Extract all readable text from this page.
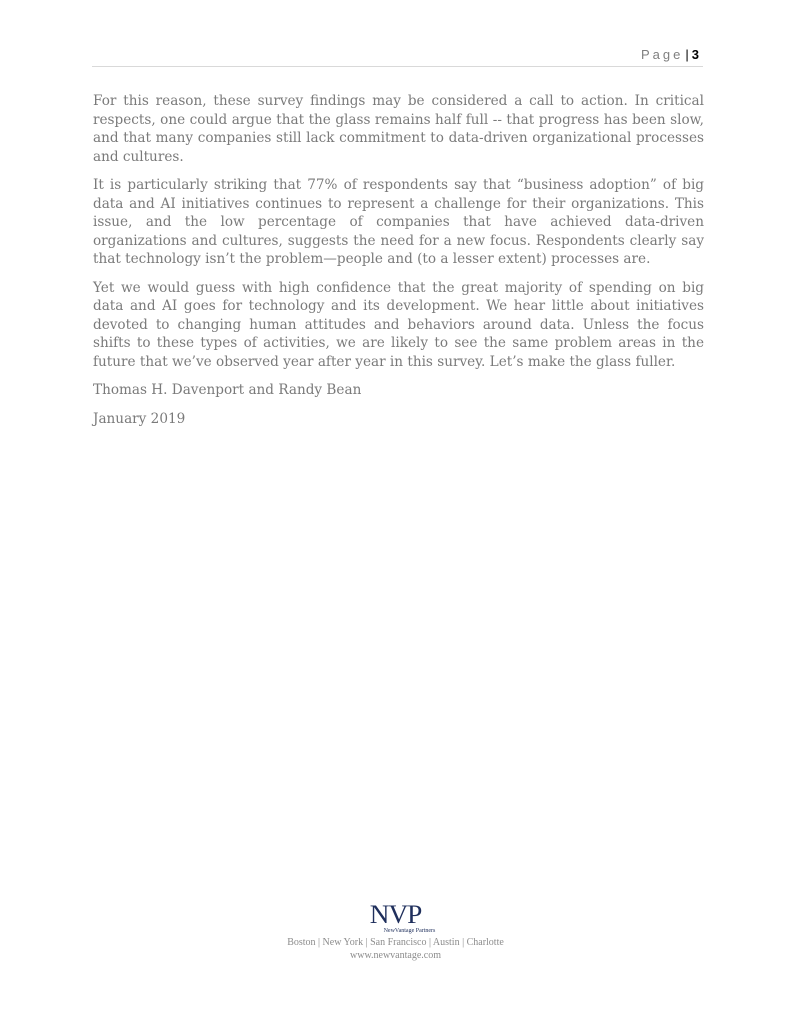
Page | 3

For this reason, these survey findings may be considered a call to action. In critical respects, one could argue that the glass remains half full -- that progress has been slow, and that many companies still lack commitment to data-driven organizational processes and cultures.

It is particularly striking that 77% of respondents say that “business adoption” of big data and AI initiatives continues to represent a challenge for their organizations. This issue, and the low percentage of companies that have achieved data-driven organizations and cultures, suggests the need for a new focus. Respondents clearly say that technology isn’t the problem—people and (to a lesser extent) processes are.

Yet we would guess with high confidence that the great majority of spending on big data and AI goes for technology and its development. We hear little about initiatives devoted to changing human attitudes and behaviors around data. Unless the focus shifts to these types of activities, we are likely to see the same problem areas in the future that we’ve observed year after year in this survey. Let’s make the glass fuller.

Thomas H. Davenport and Randy Bean

January 2019

NVP
NewVantage Partners
Boston | New York | San Francisco | Austin | Charlotte
www.newvantage.com
